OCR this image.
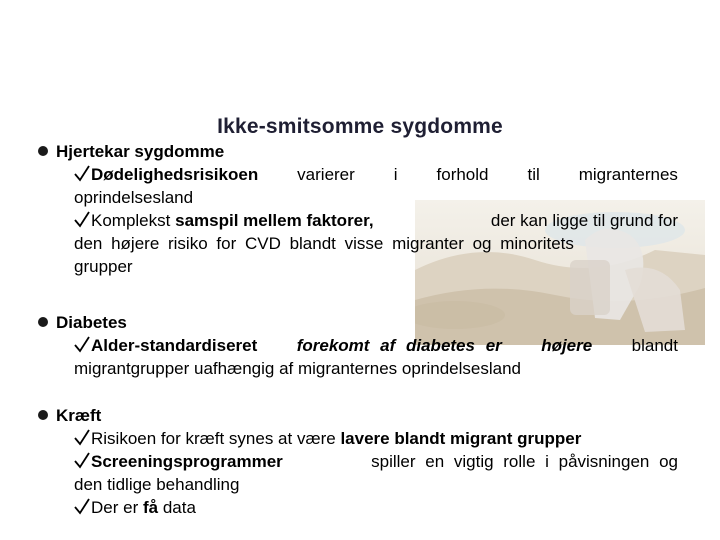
Ikke-smitsomme sygdomme
Hjertekar sygdomme
Dødelighedsrisikoen varierer i forhold til migranternes
oprindelsesland
Komplekst samspil mellem faktorer,	der kan ligge til grund for
den højere risiko for CVD blandt visse migranter og minoritets
grupper
Diabetes
Alder-standardiseret forekomt af diabetes er højere blandt
migrantgrupper uafhængig af migranternes oprindelsesland
Kræft
Risikoen for kræft synes at være lavere blandt migrant grupper
Screeningsprogrammer	spiller en vigtig rolle i påvisningen og
den tidlige behandling
Der er få data
